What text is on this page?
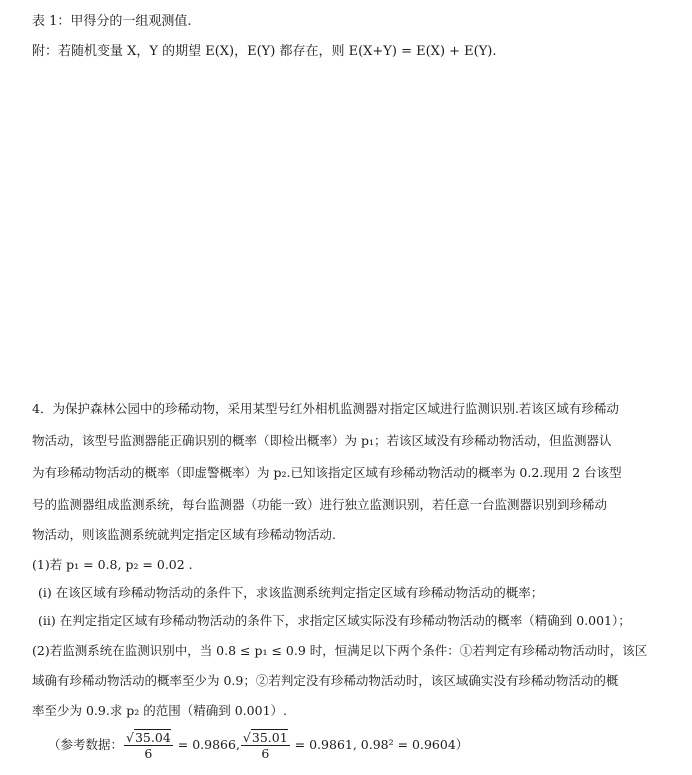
表 1：甲得分的一组观测值.
附：若随机变量 X，Y 的期望 E(X)，E(Y) 都存在，则 E(X+Y) = E(X) + E(Y).
4．为保护森林公园中的珍稀动物，采用某型号红外相机监测器对指定区域进行监测识别.若该区域有珍稀动
物活动，该型号监测器能正确识别的概率（即检出概率）为 p₁；若该区域没有珍稀动物活动，但监测器认
为有珍稀动物活动的概率（即虚警概率）为 p₂.已知该指定区域有珍稀动物活动的概率为 0.2.现用 2 台该型
号的监测器组成监测系统，每台监测器（功能一致）进行独立监测识别，若任意一台监测器识别到珍稀动
物活动，则该监测系统就判定指定区域有珍稀动物活动.
(1)若 p₁ = 0.8, p₂ = 0.02 .
(i) 在该区域有珍稀动物活动的条件下，求该监测系统判定指定区域有珍稀动物活动的概率；
(ii) 在判定指定区域有珍稀动物活动的条件下，求指定区域实际没有珍稀动物活动的概率（精确到 0.001）；
(2)若监测系统在监测识别中，当 0.8 ≤ p₁ ≤ 0.9 时，恒满足以下两个条件：①若判定有珍稀动物活动时，该区
域确有珍稀动物活动的概率至少为 0.9；②若判定没有珍稀动物活动时，该区域确实没有珍稀动物活动的概
率至少为 0.9.求 p₂ 的范围（精确到 0.001）.
（参考数据： $\frac{√35.04}{6} = 0.9866$, $\frac{√35.01}{6} = 0.9861$, 0.98² = 0.9604）
